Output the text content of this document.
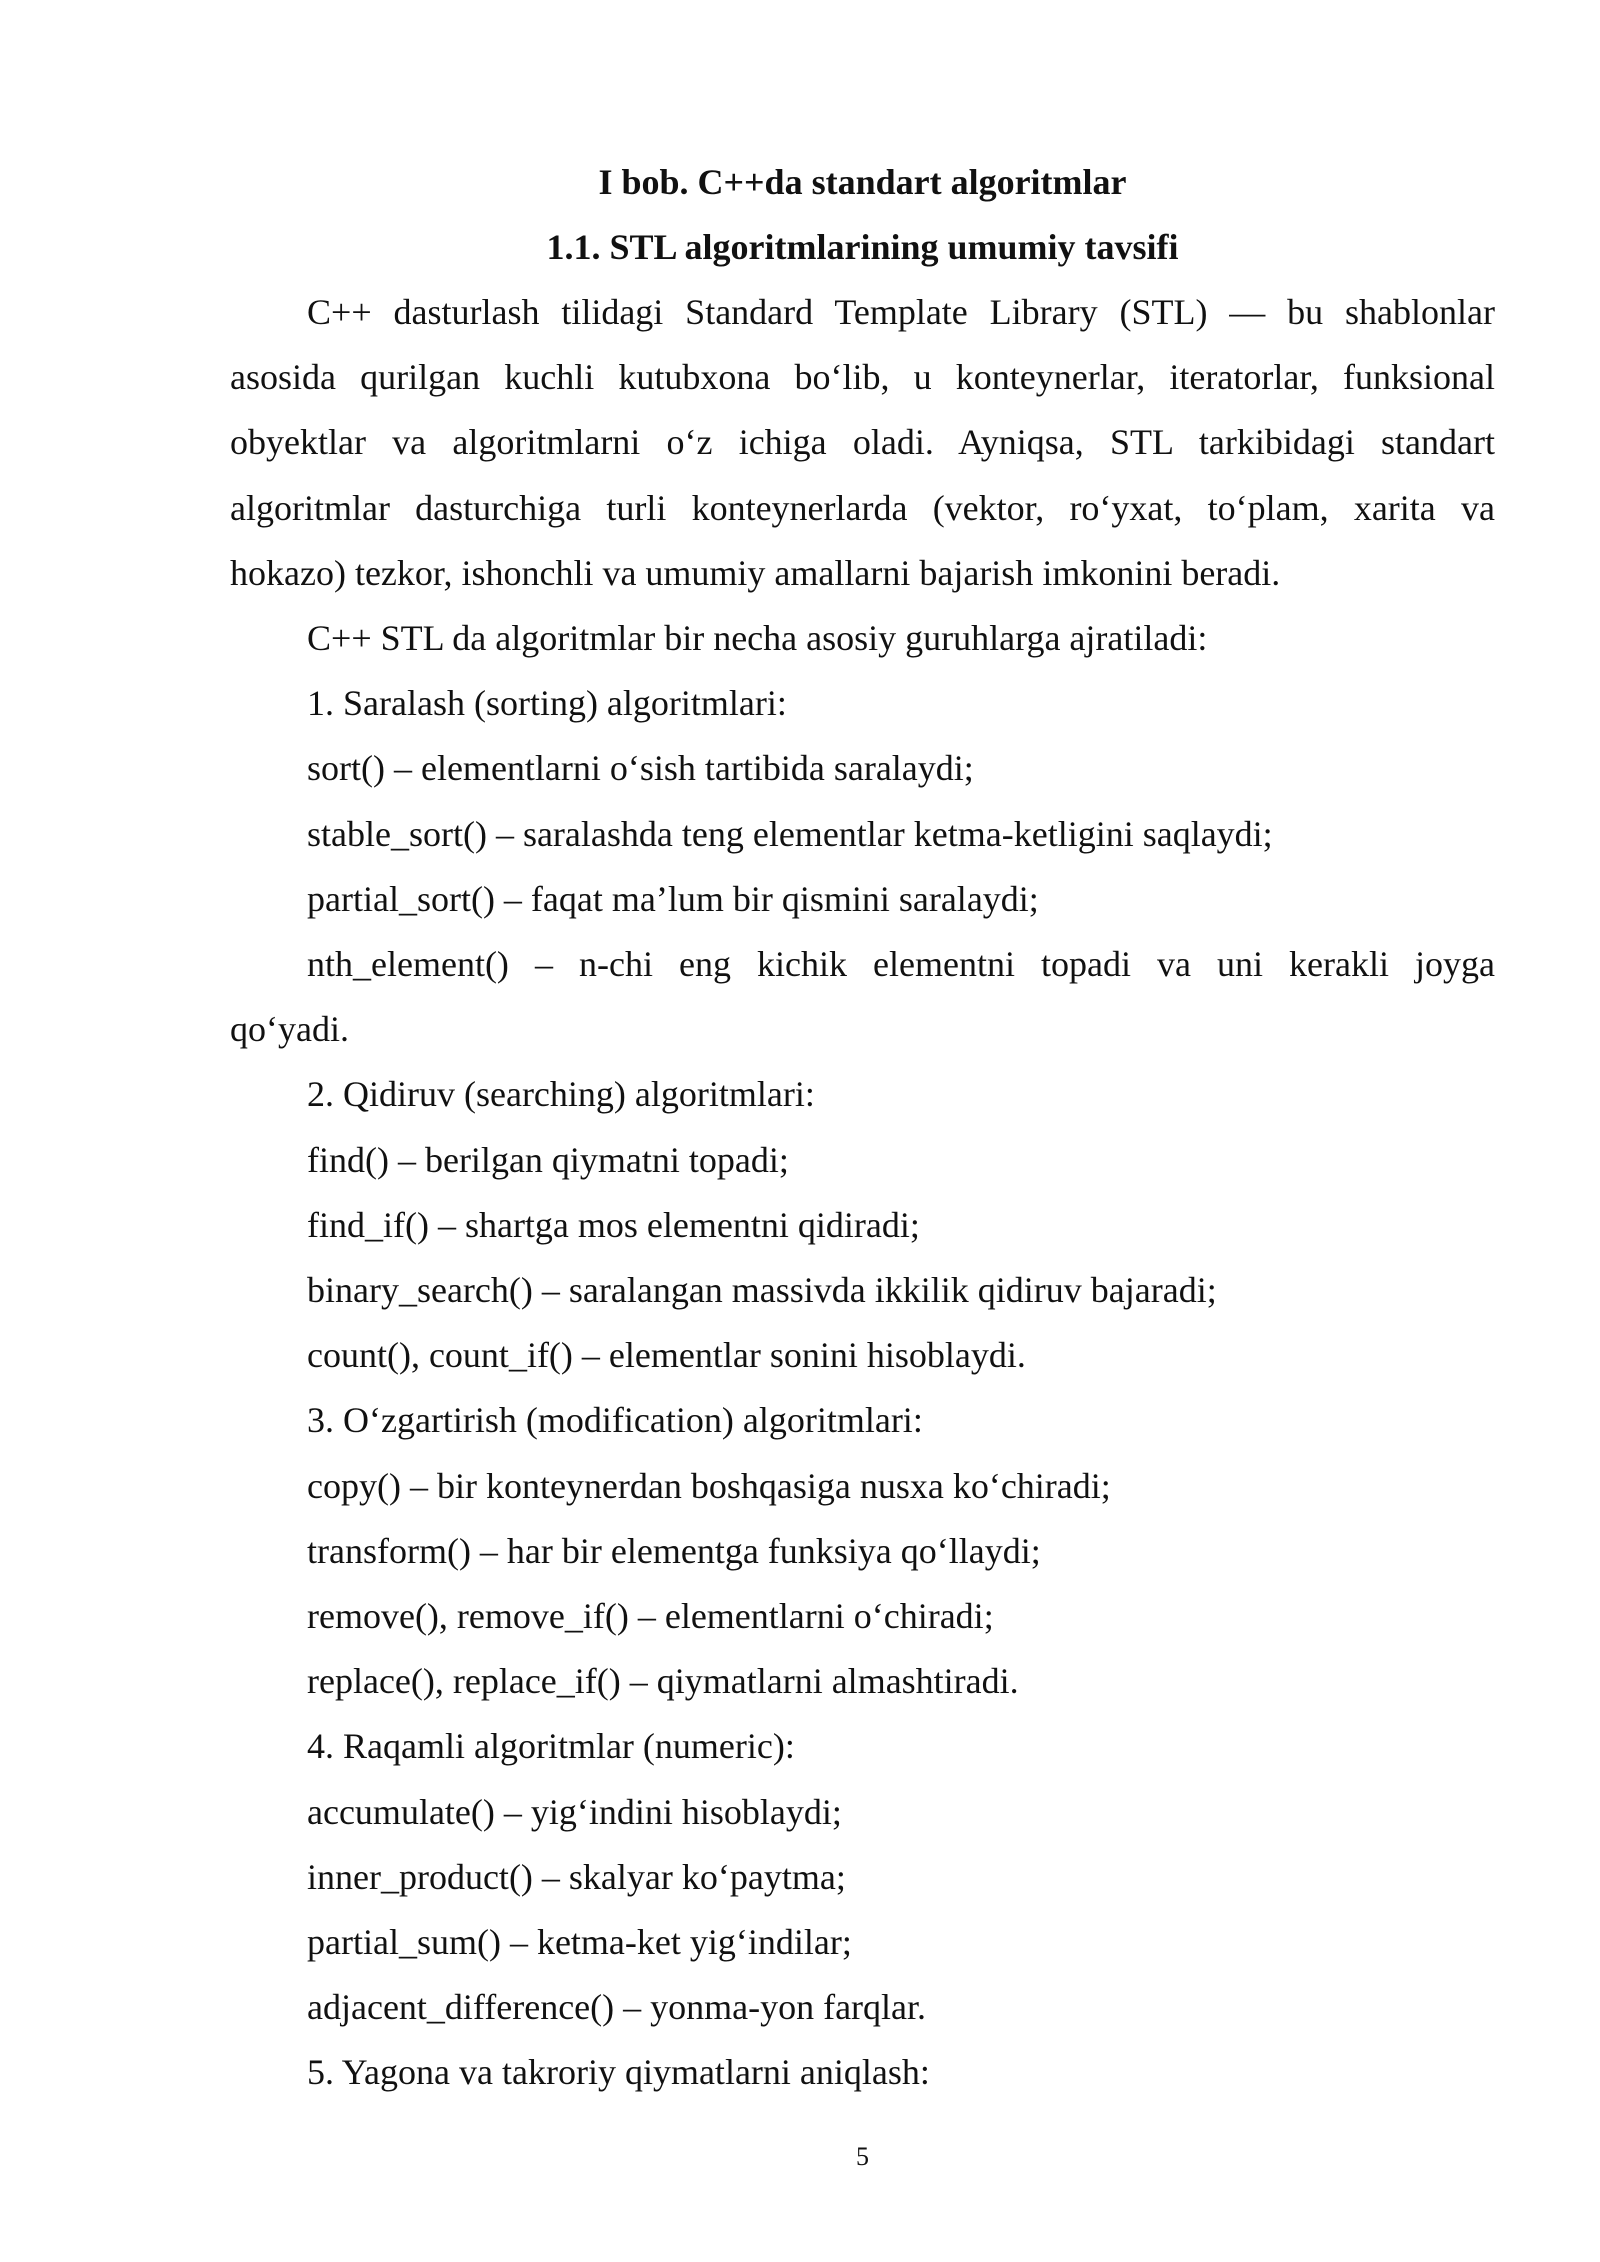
I bob. C++da standart algoritmlar
1.1. STL algoritmlarining umumiy tavsifi
C++ dasturlash tilidagi Standard Template Library (STL) — bu shablonlar
asosida qurilgan kuchli kutubxona bo‘lib, u konteynerlar, iteratorlar, funksional
obyektlar va algoritmlarni o‘z ichiga oladi. Ayniqsa, STL tarkibidagi standart
algoritmlar dasturchiga turli konteynerlarda (vektor, ro‘yxat, to‘plam, xarita va
hokazo) tezkor, ishonchli va umumiy amallarni bajarish imkonini beradi.
C++ STL da algoritmlar bir necha asosiy guruhlarga ajratiladi:
1. Saralash (sorting) algoritmlari:
sort() – elementlarni o‘sish tartibida saralaydi;
stable_sort() – saralashda teng elementlar ketma-ketligini saqlaydi;
partial_sort() – faqat ma’lum bir qismini saralaydi;
nth_element() – n-chi eng kichik elementni topadi va uni kerakli joyga
qo‘yadi.
2. Qidiruv (searching) algoritmlari:
find() – berilgan qiymatni topadi;
find_if() – shartga mos elementni qidiradi;
binary_search() – saralangan massivda ikkilik qidiruv bajaradi;
count(), count_if() – elementlar sonini hisoblaydi.
3. O‘zgartirish (modification) algoritmlari:
copy() – bir konteynerdan boshqasiga nusxa ko‘chiradi;
transform() – har bir elementga funksiya qo‘llaydi;
remove(), remove_if() – elementlarni o‘chiradi;
replace(), replace_if() – qiymatlarni almashtiradi.
4. Raqamli algoritmlar (numeric):
accumulate() – yig‘indini hisoblaydi;
inner_product() – skalyar ko‘paytma;
partial_sum() – ketma-ket yig‘indilar;
adjacent_difference() – yonma-yon farqlar.
5. Yagona va takroriy qiymatlarni aniqlash:
5
